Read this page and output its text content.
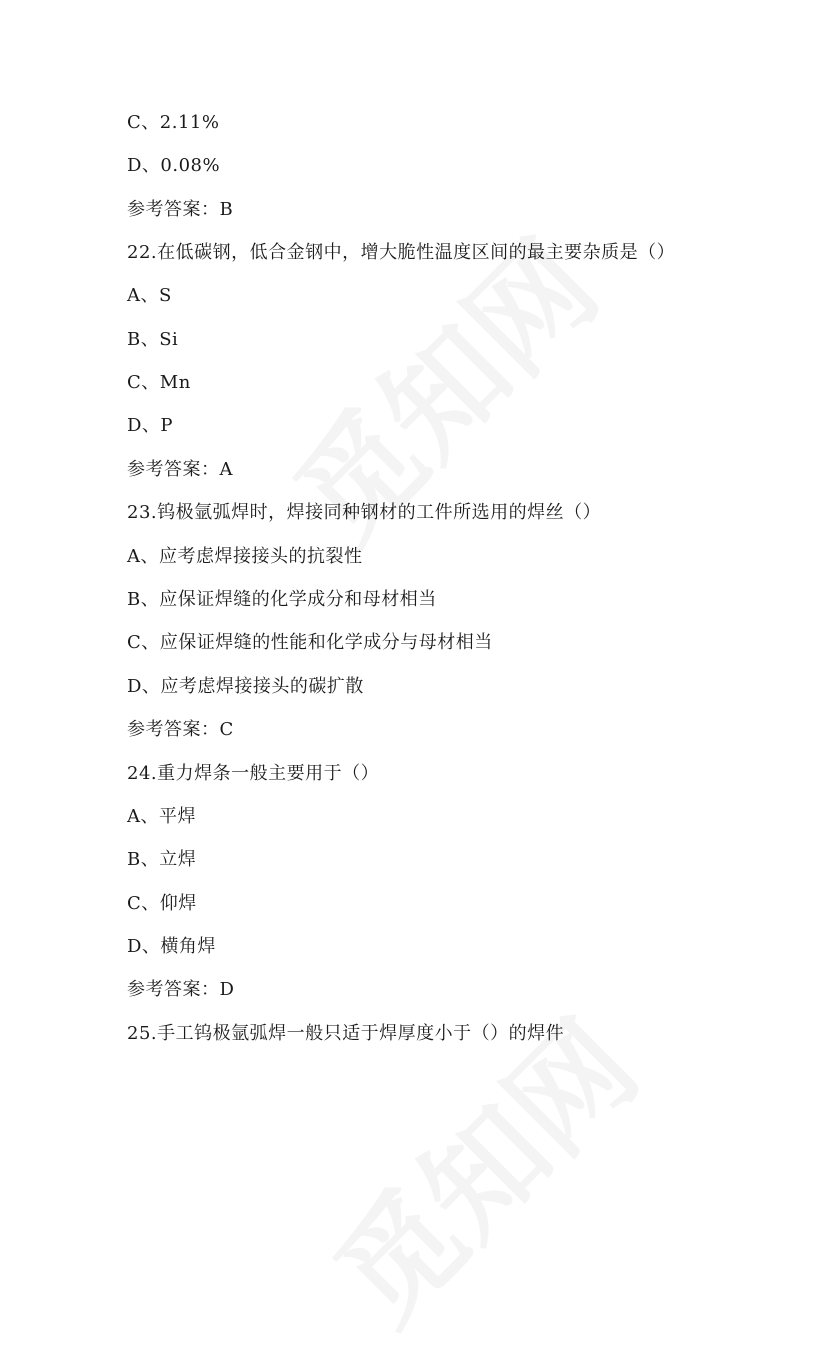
C、2.11%
D、0.08%
参考答案：B
22.在低碳钢，低合金钢中，增大脆性温度区间的最主要杂质是（）
A、S
B、Si
C、Mn
D、P
参考答案：A
23.钨极氩弧焊时，焊接同种钢材的工件所选用的焊丝（）
A、应考虑焊接接头的抗裂性
B、应保证焊缝的化学成分和母材相当
C、应保证焊缝的性能和化学成分与母材相当
D、应考虑焊接接头的碳扩散
参考答案：C
24.重力焊条一般主要用于（）
A、平焊
B、立焊
C、仰焊
D、横角焊
参考答案：D
25.手工钨极氩弧焊一般只适于焊厚度小于（）的焊件
